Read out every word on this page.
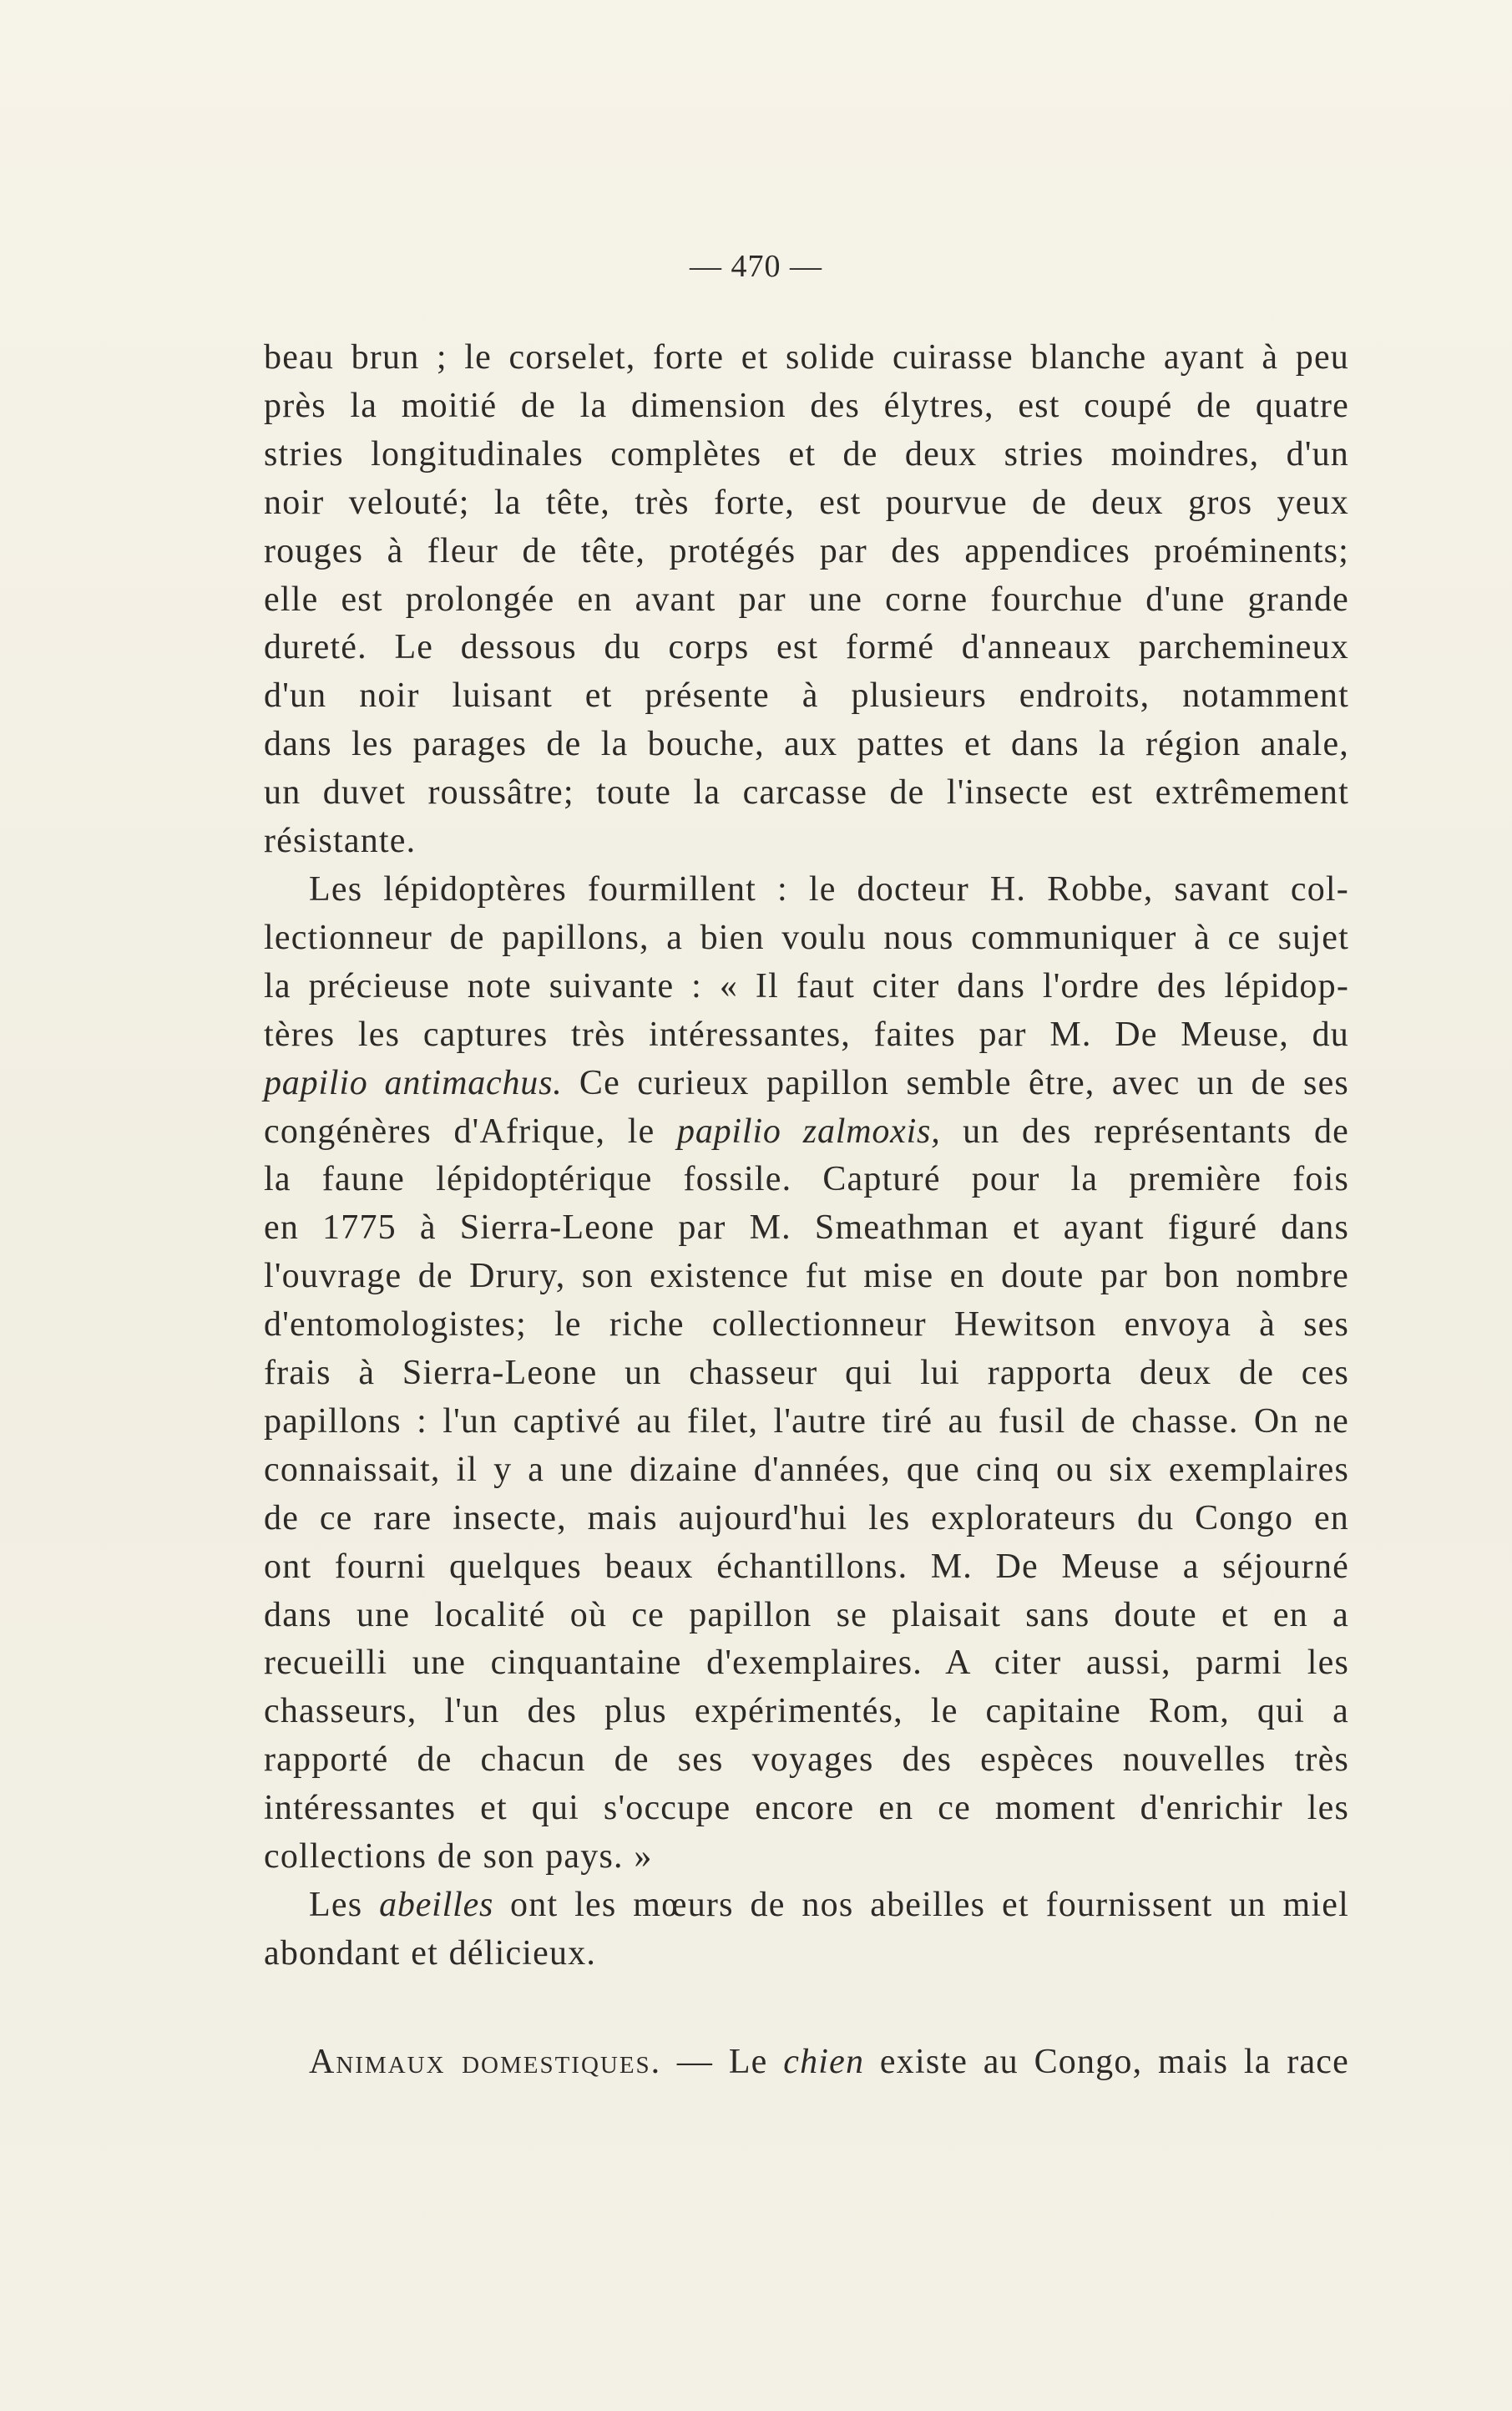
— 470 —

beau brun ; le corselet, forte et solide cuirasse blanche ayant à peu

près la moitié de la dimension des élytres, est coupé de quatre

stries longitudinales complètes et de deux stries moindres, d'un

noir velouté; la tête, très forte, est pourvue de deux gros yeux

rouges à fleur de tête, protégés par des appendices proéminents;

elle est prolongée en avant par une corne fourchue d'une grande

dureté. Le dessous du corps est formé d'anneaux parchemineux

d'un noir luisant et présente à plusieurs endroits, notamment

dans les parages de la bouche, aux pattes et dans la région anale,

un duvet roussâtre; toute la carcasse de l'insecte est extrêmement

résistante.

Les lépidoptères fourmillent : le docteur H. Robbe, savant col-

lectionneur de papillons, a bien voulu nous communiquer à ce sujet

la précieuse note suivante : « Il faut citer dans l'ordre des lépidop-

tères les captures très intéressantes, faites par M. De Meuse, du

papilio antimachus. Ce curieux papillon semble être, avec un de ses

congénères d'Afrique, le papilio zalmoxis, un des représentants de

la faune lépidoptérique fossile. Capturé pour la première fois

en 1775 à Sierra-Leone par M. Smeathman et ayant figuré dans

l'ouvrage de Drury, son existence fut mise en doute par bon nombre

d'entomologistes; le riche collectionneur Hewitson envoya à ses

frais à Sierra-Leone un chasseur qui lui rapporta deux de ces

papillons : l'un captivé au filet, l'autre tiré au fusil de chasse. On ne

connaissait, il y a une dizaine d'années, que cinq ou six exemplaires

de ce rare insecte, mais aujourd'hui les explorateurs du Congo en

ont fourni quelques beaux échantillons. M. De Meuse a séjourné

dans une localité où ce papillon se plaisait sans doute et en a

recueilli une cinquantaine d'exemplaires. A citer aussi, parmi les

chasseurs, l'un des plus expérimentés, le capitaine Rom, qui a

rapporté de chacun de ses voyages des espèces nouvelles très

intéressantes et qui s'occupe encore en ce moment d'enrichir les

collections de son pays. »

Les abeilles ont les mœurs de nos abeilles et fournissent un miel

abondant et délicieux.

Animaux domestiques. — Le chien existe au Congo, mais la race
